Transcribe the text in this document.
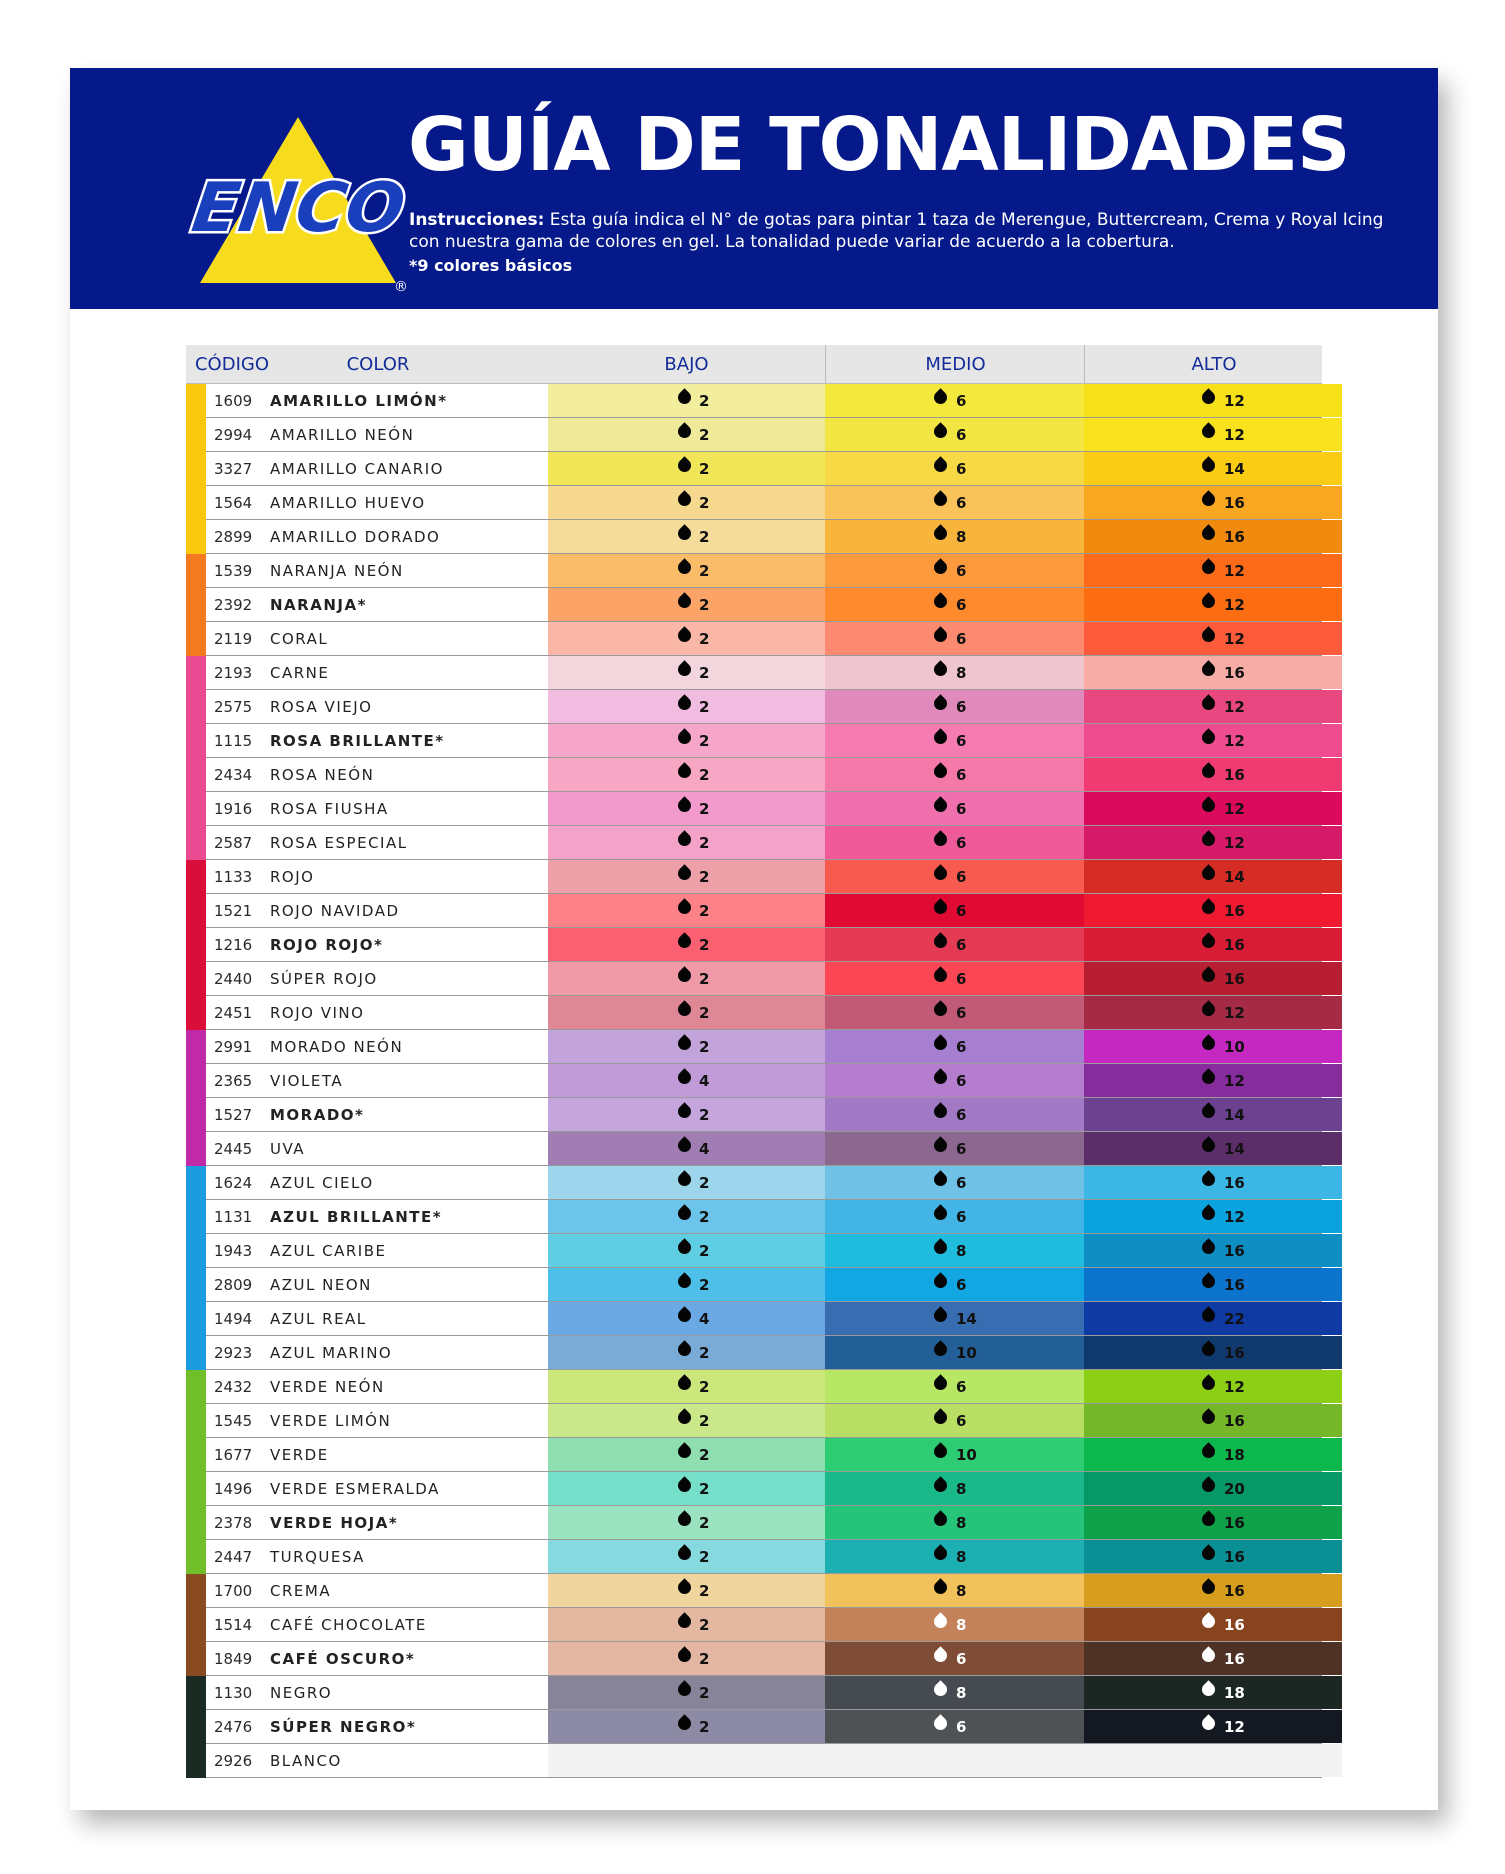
ENCO
®
GUÍA DE TONALIDADES
Instrucciones: Esta guía indica el N° de gotas para pintar 1 taza de Merengue, Buttercream, Crema y Royal Icing con nuestra gama de colores en gel. La tonalidad puede variar de acuerdo a la cobertura.
*9 colores básicos
CÓDIGO	COLOR	BAJO	MEDIO	ALTO
1609	AMARILLO LIMÓN*	2	6	12
2994	AMARILLO NEÓN	2	6	12
3327	AMARILLO CANARIO	2	6	14
1564	AMARILLO HUEVO	2	6	16
2899	AMARILLO DORADO	2	8	16
1539	NARANJA NEÓN	2	6	12
2392	NARANJA*	2	6	12
2119	CORAL	2	6	12
2193	CARNE	2	8	16
2575	ROSA VIEJO	2	6	12
1115	ROSA BRILLANTE*	2	6	12
2434	ROSA NEÓN	2	6	16
1916	ROSA FIUSHA	2	6	12
2587	ROSA ESPECIAL	2	6	12
1133	ROJO	2	6	14
1521	ROJO NAVIDAD	2	6	16
1216	ROJO ROJO*	2	6	16
2440	SÚPER ROJO	2	6	16
2451	ROJO VINO	2	6	12
2991	MORADO NEÓN	2	6	10
2365	VIOLETA	4	6	12
1527	MORADO*	2	6	14
2445	UVA	4	6	14
1624	AZUL CIELO	2	6	16
1131	AZUL BRILLANTE*	2	6	12
1943	AZUL CARIBE	2	8	16
2809	AZUL NEON	2	6	16
1494	AZUL REAL	4	14	22
2923	AZUL MARINO	2	10	16
2432	VERDE NEÓN	2	6	12
1545	VERDE LIMÓN	2	6	16
1677	VERDE	2	10	18
1496	VERDE ESMERALDA	2	8	20
2378	VERDE HOJA*	2	8	16
2447	TURQUESA	2	8	16
1700	CREMA	2	8	16
1514	CAFÉ CHOCOLATE	2	8	16
1849	CAFÉ OSCURO*	2	6	16
1130	NEGRO	2	8	18
2476	SÚPER NEGRO*	2	6	12
2926	BLANCO
